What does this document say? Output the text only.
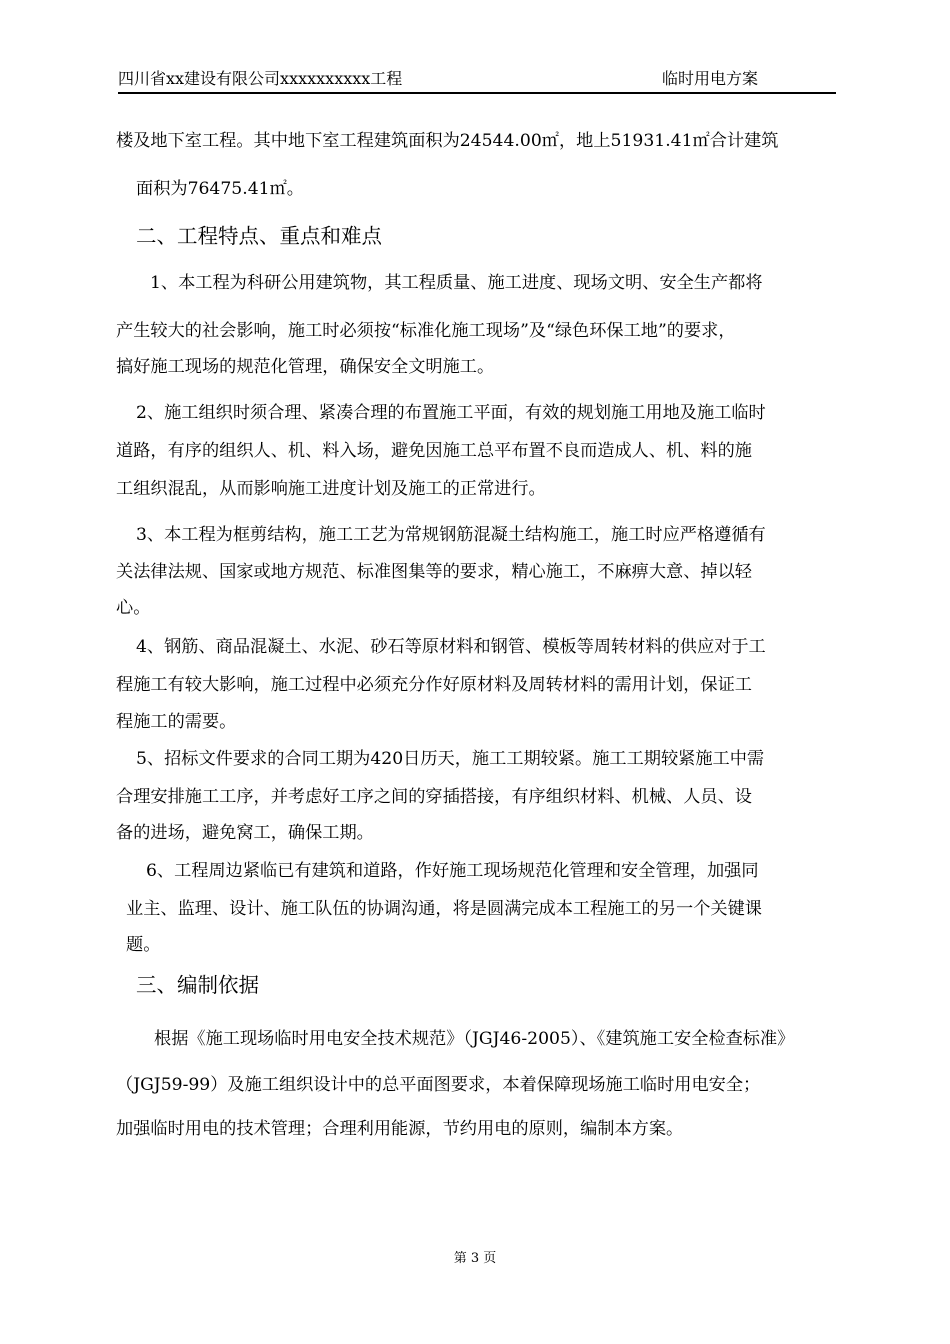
四川省xx建设有限公司xxxxxxxxxx工程	临时用电方案
楼及地下室工程。其中地下室工程建筑面积为24544.00㎡，地上51931.41㎡合计建筑
面积为76475.41㎡。
二、工程特点、重点和难点
1、本工程为科研公用建筑物，其工程质量、施工进度、现场文明、安全生产都将
产生较大的社会影响，施工时必须按“标准化施工现场”及“绿色环保工地”的要求，
搞好施工现场的规范化管理，确保安全文明施工。
2、施工组织时须合理、紧凑合理的布置施工平面，有效的规划施工用地及施工临时
道路，有序的组织人、机、料入场，避免因施工总平布置不良而造成人、机、料的施
工组织混乱，从而影响施工进度计划及施工的正常进行。
3、本工程为框剪结构，施工工艺为常规钢筋混凝土结构施工，施工时应严格遵循有
关法律法规、国家或地方规范、标准图集等的要求，精心施工，不麻痹大意、掉以轻
心。
4、钢筋、商品混凝土、水泥、砂石等原材料和钢管、模板等周转材料的供应对于工
程施工有较大影响，施工过程中必须充分作好原材料及周转材料的需用计划，保证工
程施工的需要。
5、招标文件要求的合同工期为420日历天，施工工期较紧。施工工期较紧施工中需
合理安排施工工序，并考虑好工序之间的穿插搭接，有序组织材料、机械、人员、设
备的进场，避免窝工，确保工期。
6、工程周边紧临已有建筑和道路，作好施工现场规范化管理和安全管理，加强同
业主、监理、设计、施工队伍的协调沟通，将是圆满完成本工程施工的另一个关键课
题。
三、编制依据
根据《施工现场临时用电安全技术规范》（JGJ46-2005）、《建筑施工安全检查标准》
（JGJ59-99）及施工组织设计中的总平面图要求，本着保障现场施工临时用电安全；
加强临时用电的技术管理；合理利用能源，节约用电的原则，编制本方案。
第 3 页
